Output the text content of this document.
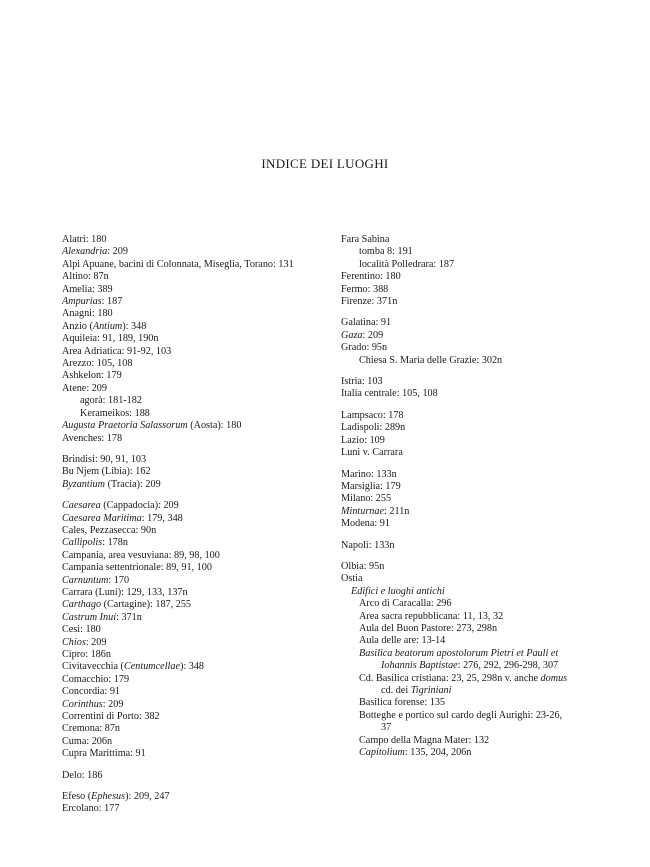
INDICE DEI LUOGHI
Alatri: 180
Alexandria: 209
Alpi Apuane, bacini di Colonnata, Miseglia, Torano: 131
Altino: 87n
Amelia: 389
Ampurias: 187
Anagni: 180
Anzio (Antium): 348
Aquileia: 91, 189, 190n
Area Adriatica: 91-92, 103
Arezzo: 105, 108
Ashkelon: 179
Atene: 209
agorà: 181-182
Kerameikos: 188
Augusta Praetoria Salassorum (Aosta): 180
Avenches: 178
Brindisi: 90, 91, 103
Bu Njem (Libia): 162
Byzantium (Tracia): 209
Caesarea (Cappadocia): 209
Caesarea Maritima: 179, 348
Cales, Pezzasecca: 90n
Callipolis: 178n
Campania, area vesuviana: 89, 98, 100
Campania settentrionale: 89, 91, 100
Carnuntum: 170
Carrara (Luni): 129, 133, 137n
Carthago (Cartagine): 187, 255
Castrum Inui: 371n
Cesi: 180
Chios: 209
Cipro: 186n
Civitavecchia (Centumcellae): 348
Comacchio: 179
Concordia: 91
Corinthus: 209
Correntini di Porto: 382
Cremona: 87n
Cuma: 206n
Cupra Marittima: 91
Delo: 186
Efeso (Ephesus): 209, 247
Ercolano: 177
Fara Sabina
tomba 8: 191
località Polledrara: 187
Ferentino: 180
Fermo: 388
Firenze: 371n
Galatina: 91
Gaza: 209
Grado: 95n
Chiesa S. Maria delle Grazie: 302n
Istria: 103
Italia centrale: 105, 108
Lampsaco: 178
Ladispoli: 289n
Lazio: 109
Luni v. Carrara
Marino: 133n
Marsiglia: 179
Milano: 255
Minturnae: 211n
Modena: 91
Napoli: 133n
Olbia: 95n
Ostia
Edifici e luoghi antichi
Arco di Caracalla: 296
Area sacra repubblicana: 11, 13, 32
Aula del Buon Pastore: 273, 298n
Aula delle are: 13-14
Basilica beatorum apostolorum Pietri et Pauli et
Iohannis Baptistae: 276, 292, 296-298, 307
Cd. Basilica cristiana: 23, 25, 298n v. anche domus
cd. dei Tigriniani
Basilica forense: 135
Botteghe e portico sul cardo degli Aurighi: 23-26,
37
Campo della Magna Mater: 132
Capitolium: 135, 204, 206n
